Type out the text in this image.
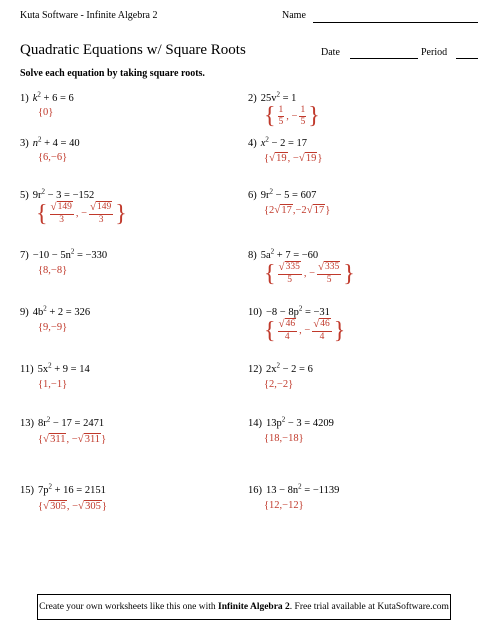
Kuta Software - Infinite Algebra 2	Name
Quadratic Equations w/ Square Roots	Date	Period
Solve each equation by taking square roots.
1) $k^2 + 6 = 6$
{ 0 }
2) $25v^2 = 1$
{ $\frac{1}{5}$ , − $\frac{1}{5}$ }
3) $n^2 + 4 = 40$
{ 6 , −6 }
4) $x^2 - 2 = 17$
{ √ 19 , − √ 19 }
5) $9r^2 - 3 = -152$
{ $\frac{√ 149}{3}$ , − $\frac{√ 149}{3}$ }
6) $9r^2 - 5 = 607$
{ 2 √ 17 , −2 √ 17 }
$7) -10 - 5n^2 = -330$
{ 8 , −8 }
8) $5a^2 + 7 = -60$
{ $\frac{√ 335}{5}$ , − $\frac{√ 335}{5}$ }
9) $4b^2 + 2 = 326$
{ 9 , −9 }
$10) -8 - 8p^2 = -31$
{ $\frac{√ 46}{4}$ , − $\frac{√ 46}{4}$ }
11) $5x^2 + 9 = 14$
{ 1 , −1 }
12) $2x^2 - 2 = 6$
{ 2 , −2 }
13) $8r^2 - 17 = 2471$
{ √ 311 , − √ 311 }
14) $13p^2 - 3 = 4209$
{ 18 , −18 }
15) $7p^2 + 16 = 2151$
{ √ 305 , − √ 305 }
16) $13 - 8n^2 = -1139$
{ 12 , −12 }
Create your own worksheets like this one with
Infinite Algebra 2 . Free trial available at KutaSoftware.com
